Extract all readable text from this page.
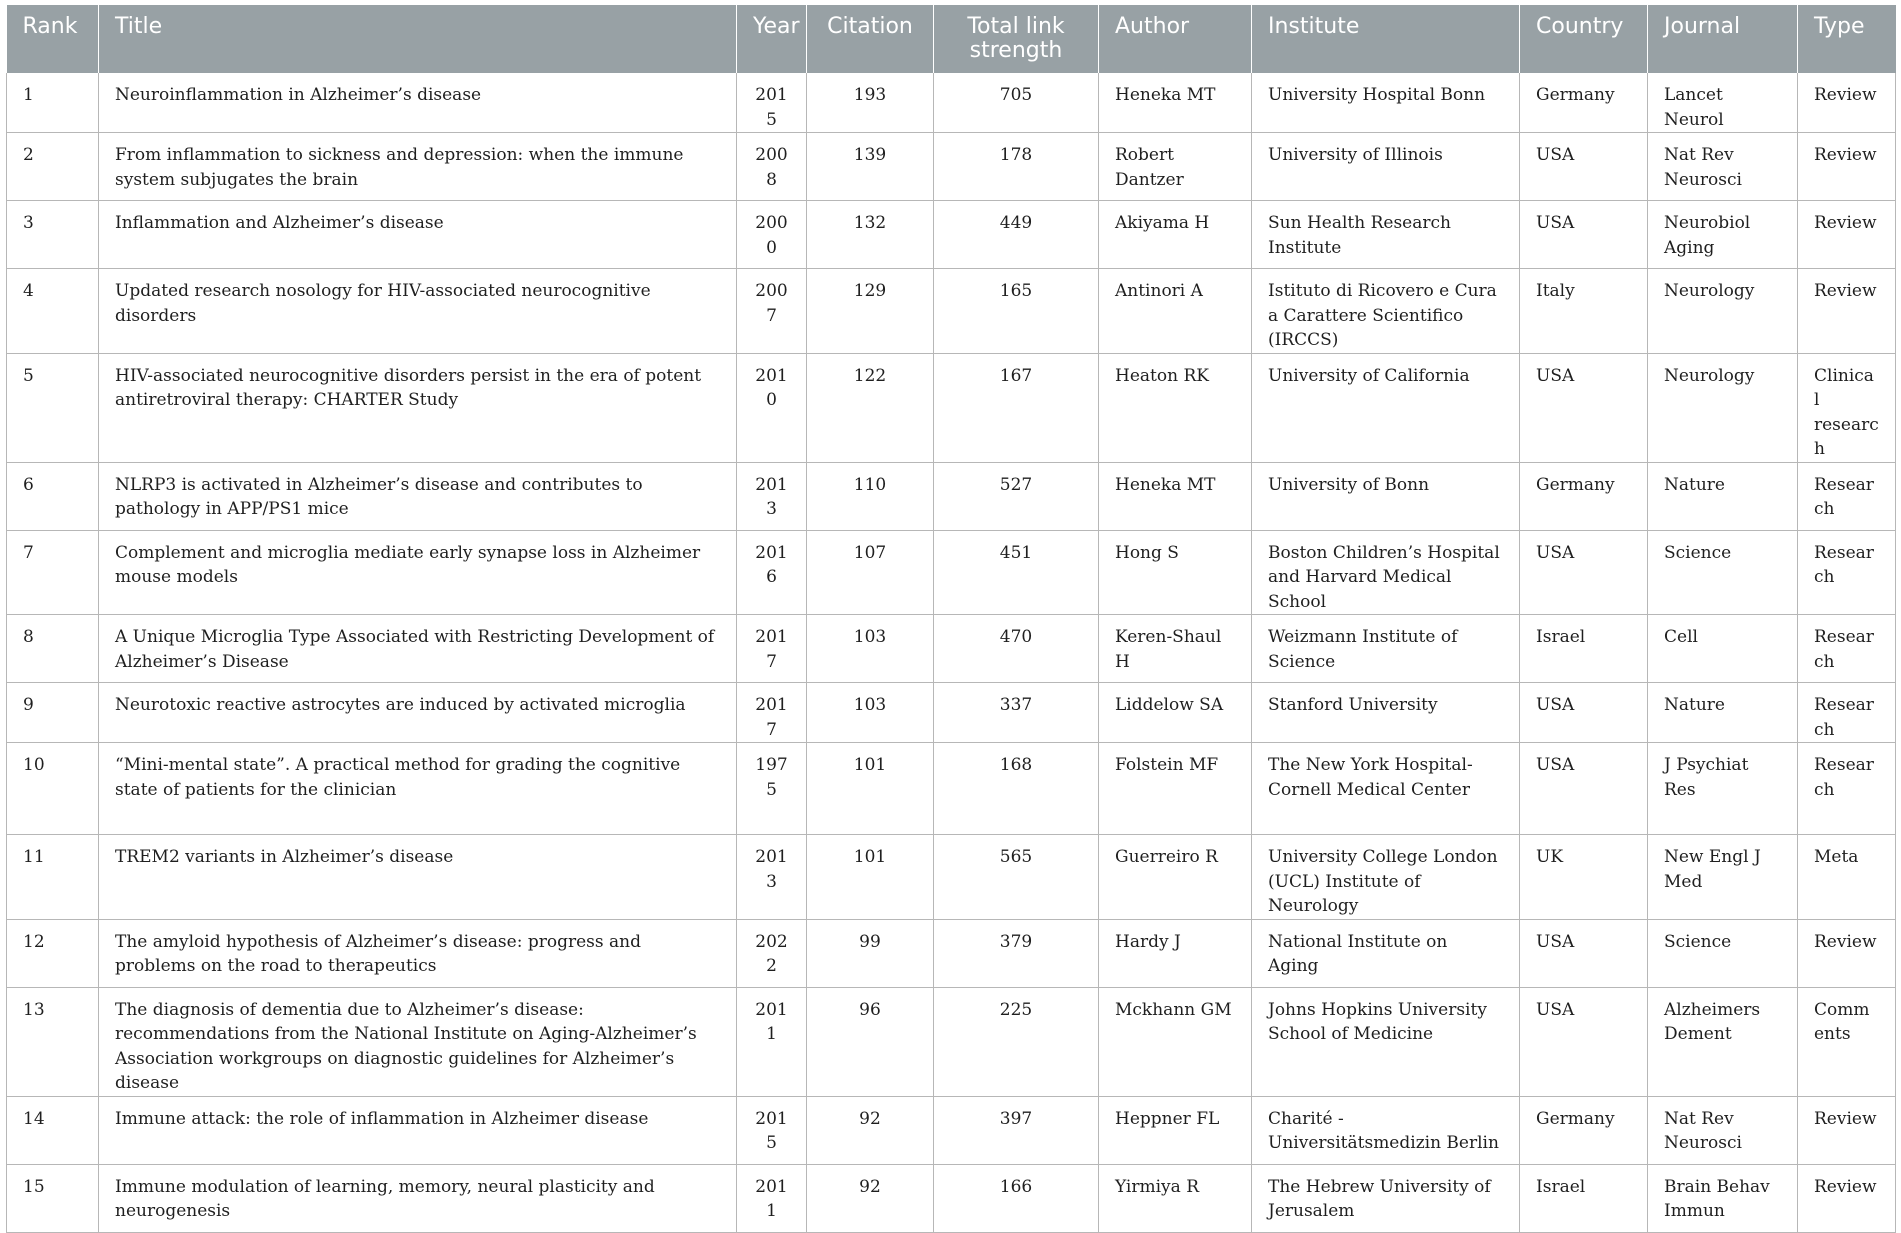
Rank	Title	Year	Citation	Total link strength	Author	Institute	Country	Journal	Type
1	Neuroinflammation in Alzheimer’s disease	2015	193	705	Heneka MT	University Hospital Bonn	Germany	Lancet Neurol	Review
2	From inflammation to sickness and depression: when the immune system subjugates the brain	2008	139	178	Robert Dantzer	University of Illinois	USA	Nat Rev Neurosci	Review
3	Inflammation and Alzheimer’s disease	2000	132	449	Akiyama H	Sun Health Research Institute	USA	Neurobiol Aging	Review
4	Updated research nosology for HIV-associated neurocognitive disorders	2007	129	165	Antinori A	Istituto di Ricovero e Cura a Carattere Scientifico (IRCCS)	Italy	Neurology	Review
5	HIV-associated neurocognitive disorders persist in the era of potent antiretroviral therapy: CHARTER Study	2010	122	167	Heaton RK	University of California	USA	Neurology	Clinical research
6	NLRP3 is activated in Alzheimer’s disease and contributes to pathology in APP/PS1 mice	2013	110	527	Heneka MT	University of Bonn	Germany	Nature	Research
7	Complement and microglia mediate early synapse loss in Alzheimer mouse models	2016	107	451	Hong S	Boston Children’s Hospital and Harvard Medical School	USA	Science	Research
8	A Unique Microglia Type Associated with Restricting Development of Alzheimer’s Disease	2017	103	470	Keren-Shaul H	Weizmann Institute of Science	Israel	Cell	Research
9	Neurotoxic reactive astrocytes are induced by activated microglia	2017	103	337	Liddelow SA	Stanford University	USA	Nature	Research
10	“Mini-mental state”. A practical method for grading the cognitive state of patients for the clinician	1975	101	168	Folstein MF	The New York Hospital-Cornell Medical Center	USA	J Psychiat Res	Research
11	TREM2 variants in Alzheimer’s disease	2013	101	565	Guerreiro R	University College London (UCL) Institute of Neurology	UK	New Engl J Med	Meta
12	The amyloid hypothesis of Alzheimer’s disease: progress and problems on the road to therapeutics	2022	99	379	Hardy J	National Institute on Aging	USA	Science	Review
13	The diagnosis of dementia due to Alzheimer’s disease: recommendations from the National Institute on Aging-Alzheimer’s Association workgroups on diagnostic guidelines for Alzheimer’s disease	2011	96	225	Mckhann GM	Johns Hopkins University School of Medicine	USA	Alzheimers Dement	Comments
14	Immune attack: the role of inflammation in Alzheimer disease	2015	92	397	Heppner FL	Charité - Universitätsmedizin Berlin	Germany	Nat Rev Neurosci	Review
15	Immune modulation of learning, memory, neural plasticity and neurogenesis	2011	92	166	Yirmiya R	The Hebrew University of Jerusalem	Israel	Brain Behav Immun	Review
